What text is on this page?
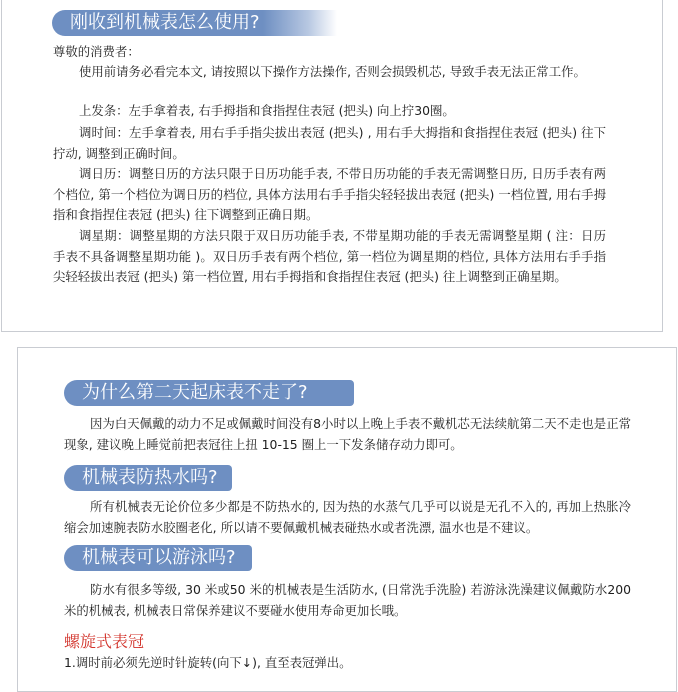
刚收到机械表怎么使用?
尊敬的消费者：

使用前请务必看完本文, 请按照以下操作方法操作, 否则会损毁机芯, 导致手表无法正常工作。

上发条：左手拿着表, 右手拇指和食指捏住表冠 (把头) 向上拧30圈。

调时间：左手拿着表, 用右手手指尖拔出表冠 (把头) , 用右手大拇指和食指捏住表冠 (把头) 往下拧动, 调整到正确时间。

调日历：调整日历的方法只限于日历功能手表, 不带日历功能的手表无需调整日历, 日历手表有两个档位, 第一个档位为调日历的档位, 具体方法用右手手指尖轻轻拔出表冠 (把头) 一档位置, 用右手拇指和食指捏住表冠 (把头) 往下调整到正确日期。

调星期：调整星期的方法只限于双日历功能手表, 不带星期功能的手表无需调整星期 ( 注：日历手表不具备调整星期功能 )。双日历手表有两个档位, 第一档位为调星期的档位, 具体方法用右手手指尖轻轻拔出表冠 (把头) 第一档位置, 用右手拇指和食指捏住表冠 (把头) 往上调整到正确星期。

为什么第二天起床表不走了?

因为白天佩戴的动力不足或佩戴时间没有8小时以上晚上手表不戴机芯无法续航第二天不走也是正常现象, 建议晚上睡觉前把表冠往上扭 10-15 圈上一下发条储存动力即可。

机械表防热水吗?

所有机械表无论价位多少都是不防热水的, 因为热的水蒸气几乎可以说是无孔不入的, 再加上热胀冷缩会加速腕表防水胶圈老化, 所以请不要佩戴机械表碰热水或者洗漂, 温水也是不建议。

机械表可以游泳吗?

防水有很多等级, 30 米或50 米的机械表是生活防水, (日常洗手洗脸) 若游泳洗澡建议佩戴防水200米的机械表, 机械表日常保养建议不要碰水使用寿命更加长哦。

螺旋式表冠
1.调时前必须先逆时针旋转(向下↓), 直至表冠弹出。
